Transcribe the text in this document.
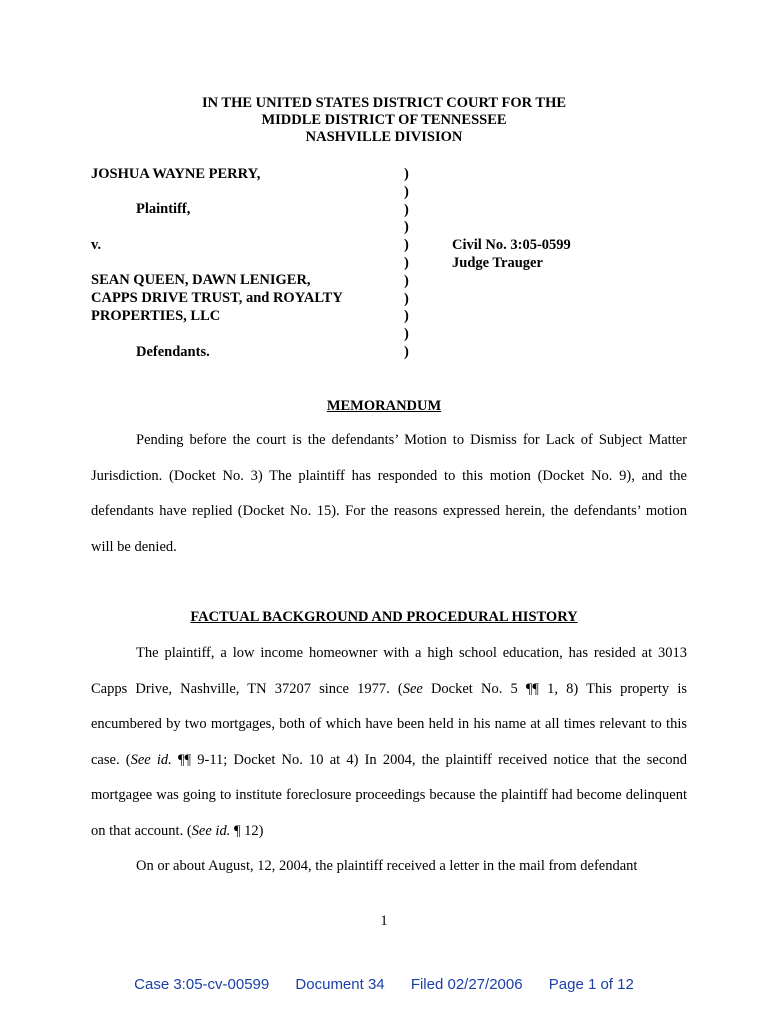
IN THE UNITED STATES DISTRICT COURT FOR THE
MIDDLE DISTRICT OF TENNESSEE
NASHVILLE DIVISION
JOSHUA WAYNE PERRY,
Plaintiff,
v.
SEAN QUEEN, DAWN LENIGER,
CAPPS DRIVE TRUST, and ROYALTY
PROPERTIES, LLC
Defendants.
)
)
)
)
)
)
)
)
)
)
)
Civil No. 3:05-0599
Judge Trauger
MEMORANDUM

Pending before the court is the defendants’ Motion to Dismiss for Lack of Subject Matter Jurisdiction. (Docket No. 3) The plaintiff has responded to this motion (Docket No. 9), and the defendants have replied (Docket No. 15). For the reasons expressed herein, the defendants’ motion will be denied.

FACTUAL BACKGROUND AND PROCEDURAL HISTORY

The plaintiff, a low income homeowner with a high school education, has resided at 3013 Capps Drive, Nashville, TN 37207 since 1977. (See Docket No. 5 ¶¶ 1, 8) This property is encumbered by two mortgages, both of which have been held in his name at all times relevant to this case. (See id. ¶¶ 9-11; Docket No. 10 at 4) In 2004, the plaintiff received notice that the second mortgagee was going to institute foreclosure proceedings because the plaintiff had become delinquent on that account. (See id. ¶ 12)

On or about August, 12, 2004, the plaintiff received a letter in the mail from defendant

1
Case 3:05-cv-00599 Document 34 Filed 02/27/2006 Page 1 of 12
